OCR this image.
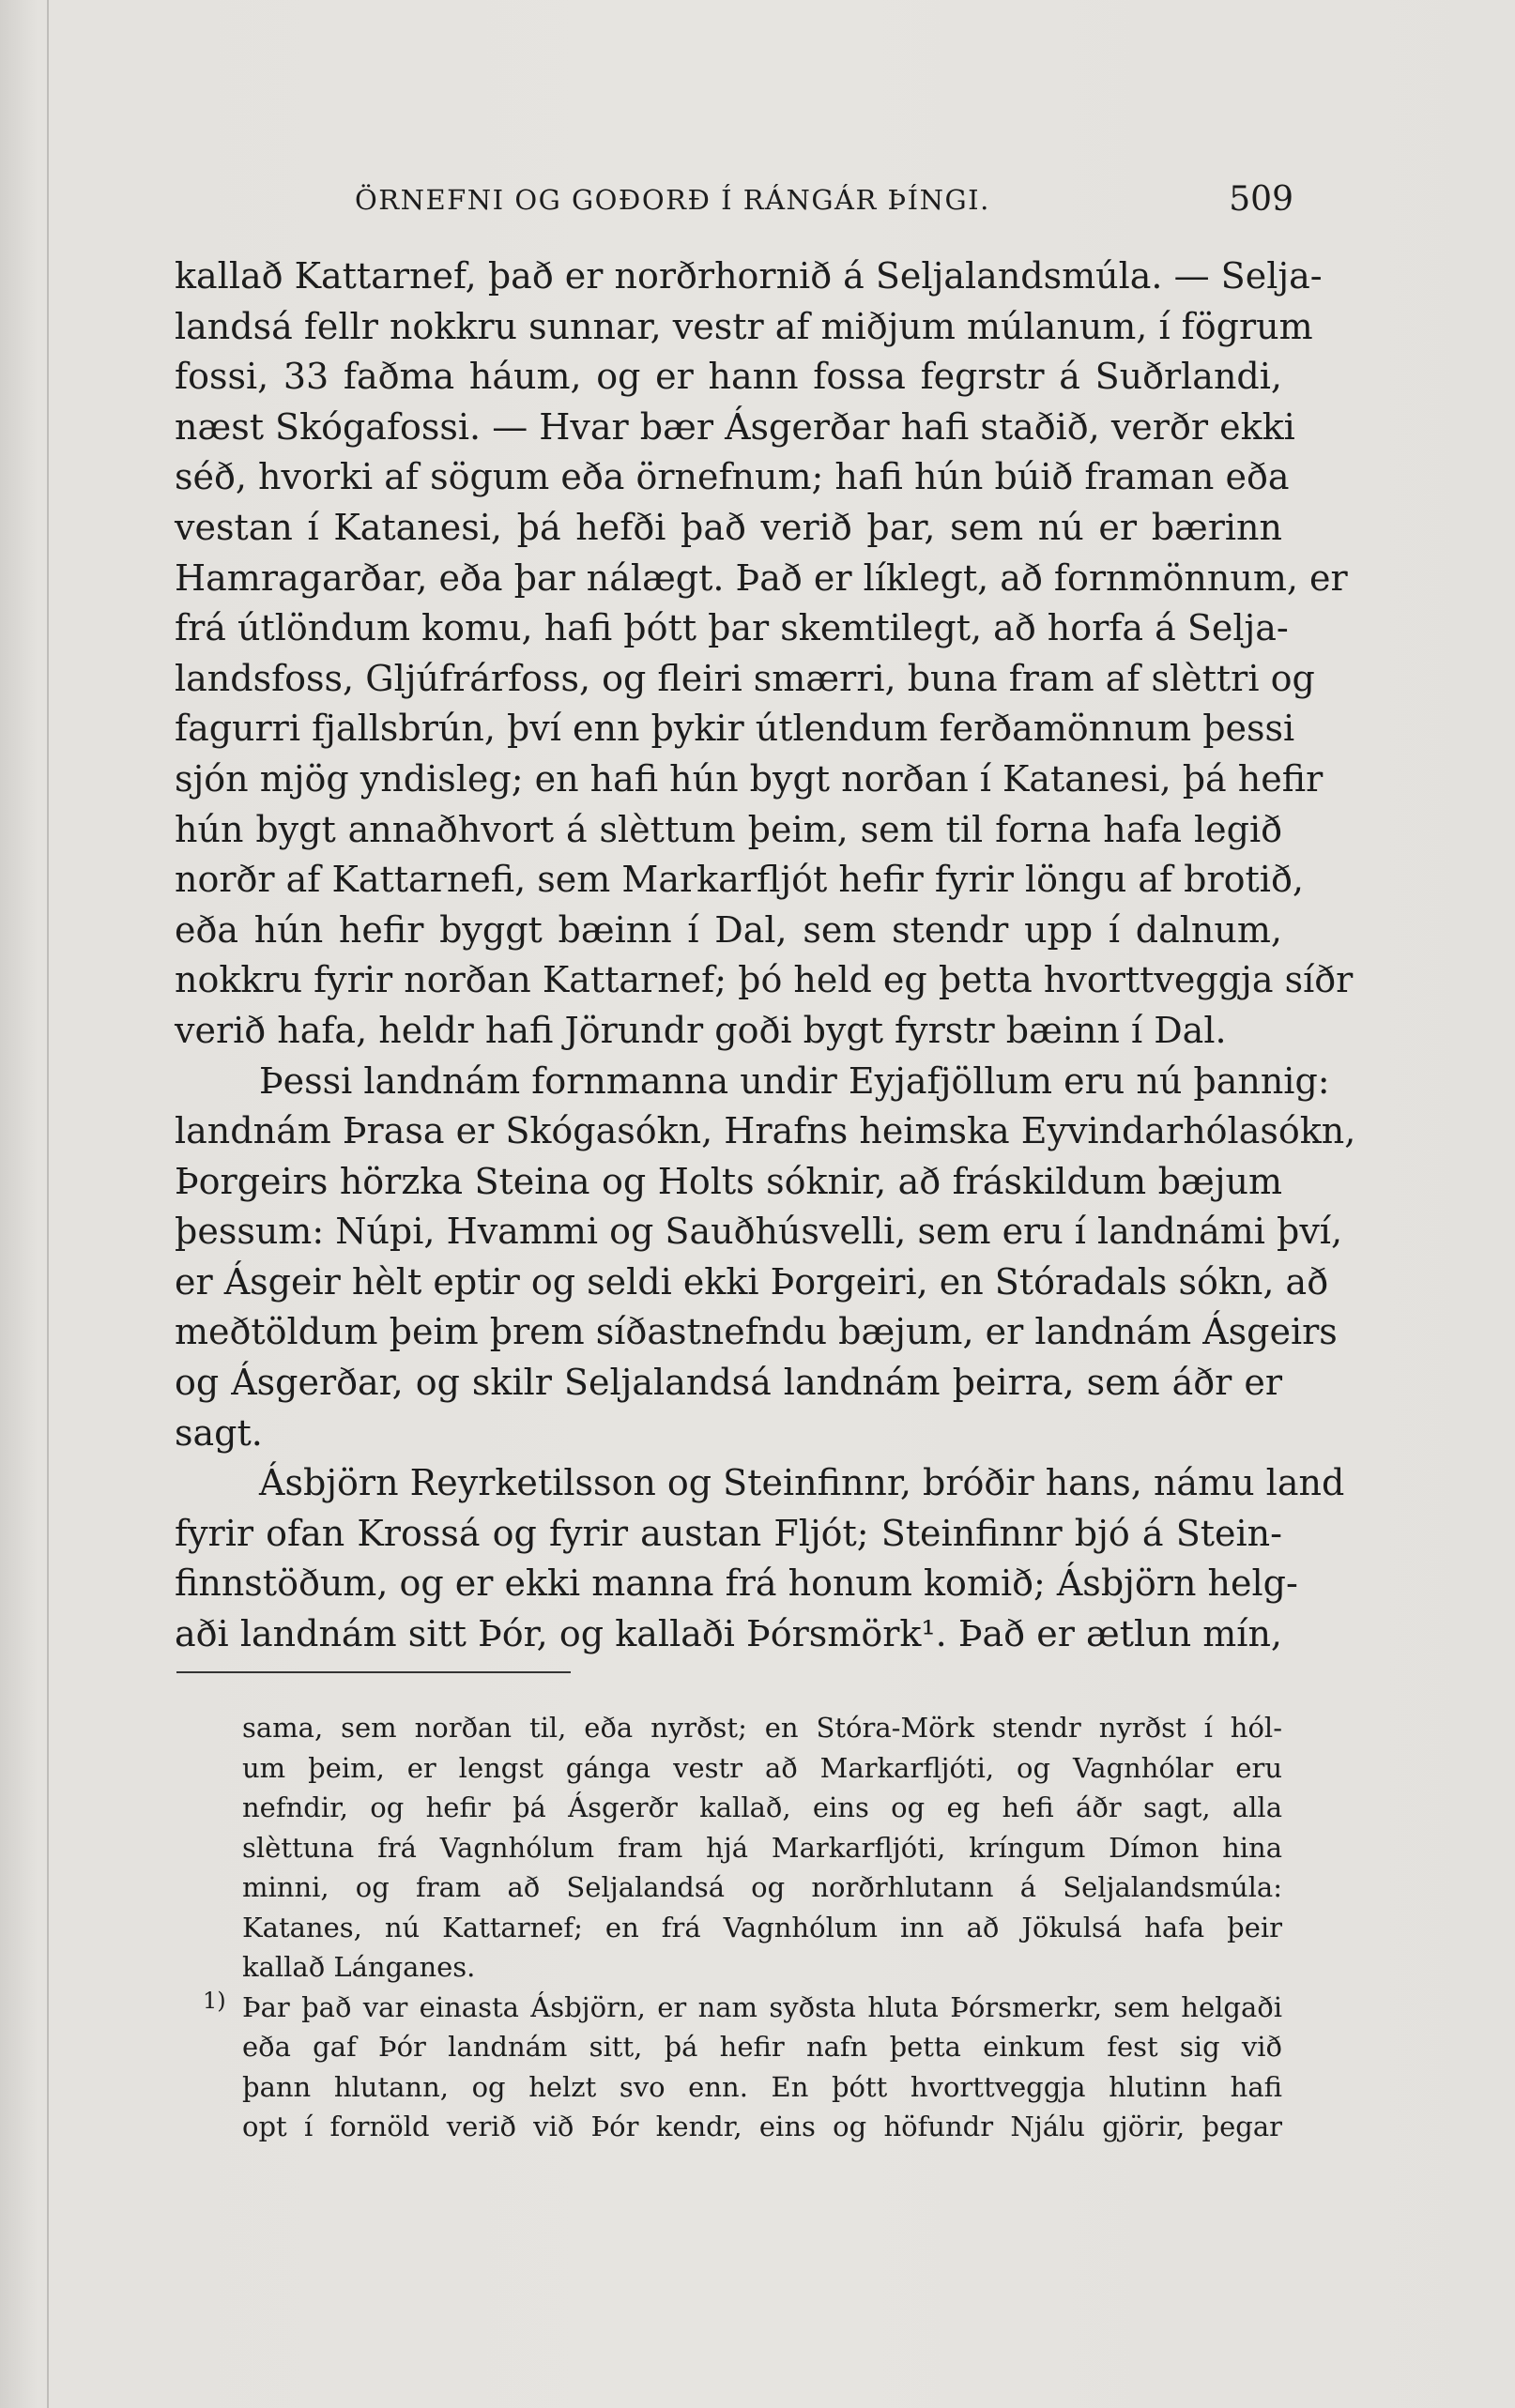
ÖRNEFNI OG GOÐORÐ Í RÁNGÁR ÞÍNGI.	509
kallað Kattarnef, það er norðrhornið á Seljalandsmúla. — Selja-
landsá fellr nokkru sunnar, vestr af miðjum múlanum, í fögrum
fossi, 33 faðma háum, og er hann fossa fegrstr á Suðrlandi,
næst Skógafossi. — Hvar bær Ásgerðar hafi staðið, verðr ekki
séð, hvorki af sögum eða örnefnum; hafi hún búið framan eða
vestan í Katanesi, þá hefði það verið þar, sem nú er bærinn
Hamragarðar, eða þar nálægt. Það er líklegt, að fornmönnum, er
frá útlöndum komu, hafi þótt þar skemtilegt, að horfa á Selja-
landsfoss, Gljúfrárfoss, og fleiri smærri, buna fram af slèttri og
fagurri fjallsbrún, því enn þykir útlendum ferðamönnum þessi
sjón mjög yndisleg; en hafi hún bygt norðan í Katanesi, þá hefir
hún bygt annaðhvort á slèttum þeim, sem til forna hafa legið
norðr af Kattarnefi, sem Markarfljót hefir fyrir löngu af brotið,
eða hún hefir byggt bæinn í Dal, sem stendr upp í dalnum,
nokkru fyrir norðan Kattarnef; þó held eg þetta hvorttveggja síðr
verið hafa, heldr hafi Jörundr goði bygt fyrstr bæinn í Dal.
Þessi landnám fornmanna undir Eyjafjöllum eru nú þannig:
landnám Þrasa er Skógasókn, Hrafns heimska Eyvindarhólasókn,
Þorgeirs hörzka Steina og Holts sóknir, að fráskildum bæjum
þessum: Núpi, Hvammi og Sauðhúsvelli, sem eru í landnámi því,
er Ásgeir hèlt eptir og seldi ekki Þorgeiri, en Stóradals sókn, að
meðtöldum þeim þrem síðastnefndu bæjum, er landnám Ásgeirs
og Ásgerðar, og skilr Seljalandsá landnám þeirra, sem áðr er
sagt.
Ásbjörn Reyrketilsson og Steinfinnr, bróðir hans, námu land
fyrir ofan Krossá og fyrir austan Fljót; Steinfinnr bjó á Stein-
finnstöðum, og er ekki manna frá honum komið; Ásbjörn helg-
aði landnám sitt Þór, og kallaði Þórsmörk¹. Það er ætlun mín,
sama, sem norðan til, eða nyrðst; en Stóra-Mörk stendr nyrðst í hól-
um þeim, er lengst gánga vestr að Markarfljóti, og Vagnhólar eru
nefndir, og hefir þá Ásgerðr kallað, eins og eg hefi áðr sagt, alla
slèttuna frá Vagnhólum fram hjá Markarfljóti, kríngum Dímon hina
minni, og fram að Seljalandsá og norðrhlutann á Seljalandsmúla:
Katanes, nú Kattarnef; en frá Vagnhólum inn að Jökulsá hafa þeir
kallað Lánganes.
1) Þar það var einasta Ásbjörn, er nam syðsta hluta Þórsmerkr, sem helgaði
eða gaf Þór landnám sitt, þá hefir nafn þetta einkum fest sig við
þann hlutann, og helzt svo enn. En þótt hvorttveggja hlutinn hafi
opt í fornöld verið við Þór kendr, eins og höfundr Njálu gjörir, þegar
